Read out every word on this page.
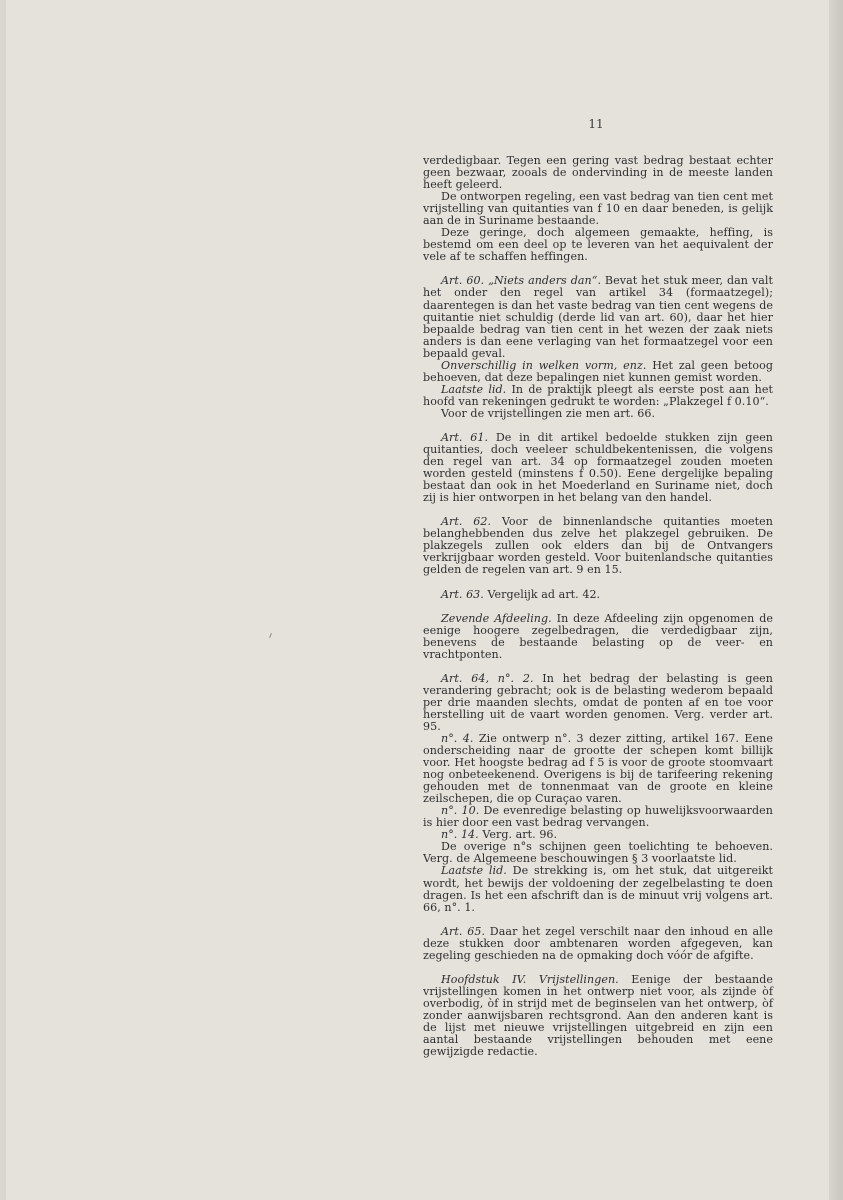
11

verdedigbaar. Tegen een gering vast bedrag bestaat echter geen bezwaar, zooals de ondervinding in de meeste landen heeft geleerd.

De ontworpen regeling, een vast bedrag van tien cent met vrijstelling van quitanties van f 10 en daar beneden, is gelijk aan de in Suriname bestaande.

Deze geringe, doch algemeen gemaakte, heffing, is bestemd om een deel op te leveren van het aequivalent der vele af te schaffen heffingen.

Art. 60. „Niets anders dan“. Bevat het stuk meer, dan valt het onder den regel van artikel 34 (formaatzegel); daarentegen is dan het vaste bedrag van tien cent wegens de quitantie niet schuldig (derde lid van art. 60), daar het hier bepaalde bedrag van tien cent in het wezen der zaak niets anders is dan eene verlaging van het formaatzegel voor een bepaald geval.

Onverschillig in welken vorm, enz. Het zal geen betoog behoeven, dat deze bepalingen niet kunnen gemist worden.

Laatste lid. In de praktijk pleegt als eerste post aan het hoofd van rekeningen gedrukt te worden: „Plakzegel f 0.10“.

Voor de vrijstellingen zie men art. 66.

Art. 61. De in dit artikel bedoelde stukken zijn geen quitanties, doch veeleer schuldbekentenissen, die volgens den regel van art. 34 op formaatzegel zouden moeten worden gesteld (minstens f 0.50). Eene dergelijke bepaling bestaat dan ook in het Moederland en Suriname niet, doch zij is hier ontworpen in het belang van den handel.

Art. 62. Voor de binnenlandsche quitanties moeten belanghebbenden dus zelve het plakzegel gebruiken. De plakzegels zullen ook elders dan bij de Ontvangers verkrijgbaar worden gesteld. Voor buitenlandsche quitanties gelden de regelen van art. 9 en 15.

Art. 63. Vergelijk ad art. 42.

Zevende Afdeeling. In deze Afdeeling zijn opgenomen de eenige hoogere zegelbedragen, die verdedigbaar zijn, benevens de bestaande belasting op de veer- en vrachtponten.

Art. 64, n°. 2. In het bedrag der belasting is geen verandering gebracht; ook is de belasting wederom bepaald per drie maanden slechts, omdat de ponten af en toe voor herstelling uit de vaart worden genomen. Verg. verder art. 95.

n°. 4. Zie ontwerp n°. 3 dezer zitting, artikel 167. Eene onderscheiding naar de grootte der schepen komt billijk voor. Het hoogste bedrag ad f 5 is voor de groote stoomvaart nog onbeteekenend. Overigens is bij de tarifeering rekening gehouden met de tonnenmaat van de groote en kleine zeilschepen, die op Curaçao varen.

n°. 10. De evenredige belasting op huwelijksvoorwaarden is hier door een vast bedrag vervangen.

n°. 14. Verg. art. 96.

De overige n°s schijnen geen toelichting te behoeven. Verg. de Algemeene beschouwingen § 3 voorlaatste lid.

Laatste lid. De strekking is, om het stuk, dat uitgereikt wordt, het bewijs der voldoening der zegelbelasting te doen dragen. Is het een afschrift dan is de minuut vrij volgens art. 66, n°. 1.

Art. 65. Daar het zegel verschilt naar den inhoud en alle deze stukken door ambtenaren worden afgegeven, kan zegeling geschieden na de opmaking doch vóór de afgifte.

Hoofdstuk IV. Vrijstellingen. Eenige der bestaande vrijstellingen komen in het ontwerp niet voor, als zijnde òf overbodig, òf in strijd met de beginselen van het ontwerp, òf zonder aanwijsbaren rechtsgrond. Aan den anderen kant is de lijst met nieuwe vrijstellingen uitgebreid en zijn een aantal bestaande vrijstellingen behouden met eene gewijzigde redactie.
